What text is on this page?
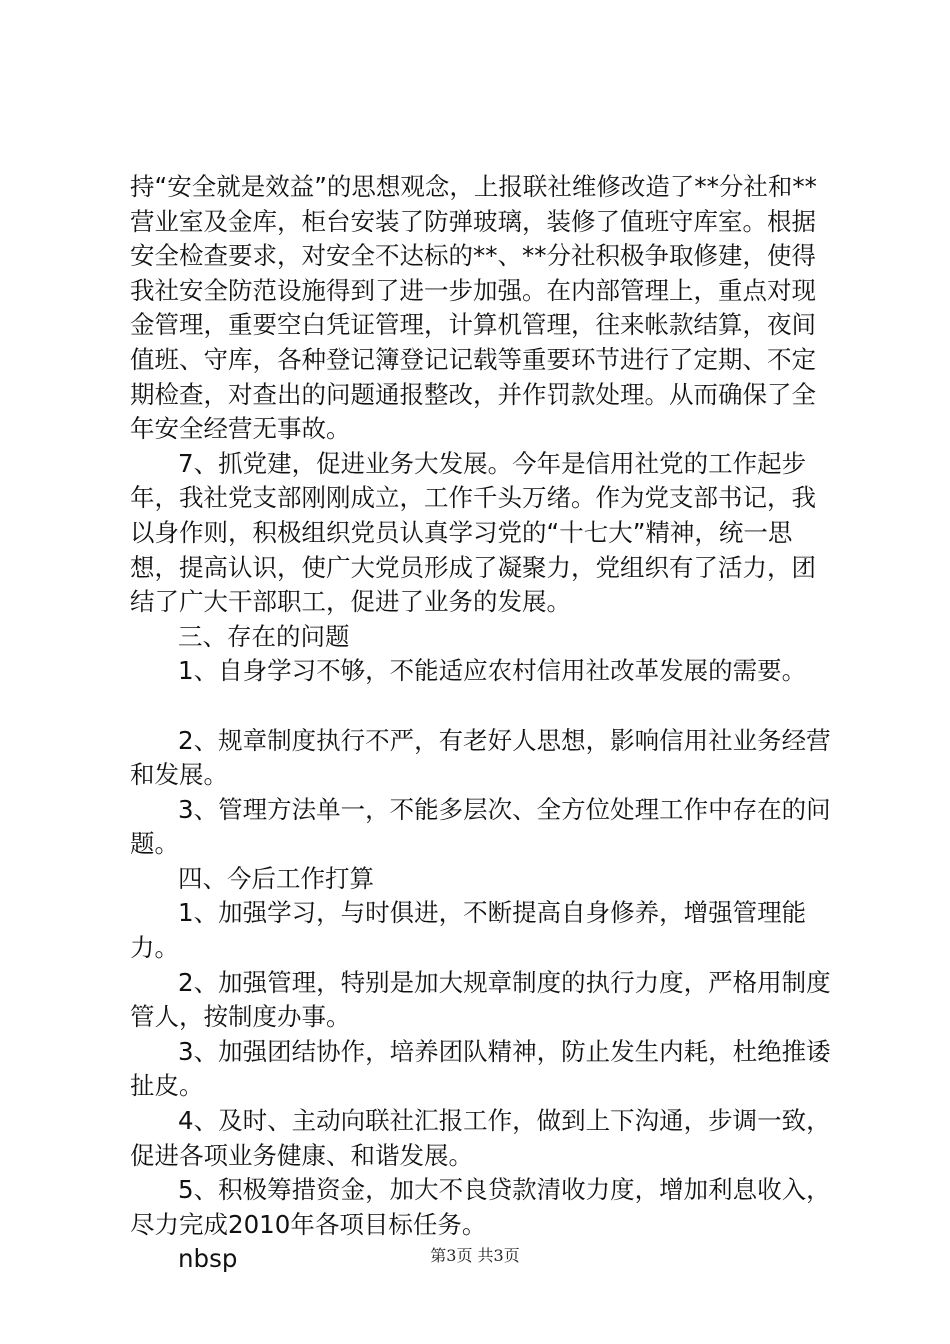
持“安全就是效益”的思想观念，上报联社维修改造了**分社和**营业室及金库，柜台安装了防弹玻璃，装修了值班守库室。根据安全检查要求，对安全不达标的**、**分社积极争取修建，使得我社安全防范设施得到了进一步加强。在内部管理上，重点对现金管理，重要空白凭证管理，计算机管理，往来帐款结算，夜间值班、守库，各种登记簿登记记载等重要环节进行了定期、不定期检查，对查出的问题通报整改，并作罚款处理。从而确保了全年安全经营无事故。

7、抓党建，促进业务大发展。今年是信用社党的工作起步年，我社党支部刚刚成立，工作千头万绪。作为党支部书记，我以身作则，积极组织党员认真学习党的“十七大”精神，统一思想，提高认识，使广大党员形成了凝聚力，党组织有了活力，团结了广大干部职工，促进了业务的发展。

三、存在的问题

1、自身学习不够，不能适应农村信用社改革发展的需要。

2、规章制度执行不严，有老好人思想，影响信用社业务经营和发展。

3、管理方法单一，不能多层次、全方位处理工作中存在的问题。

四、今后工作打算

1、加强学习，与时俱进，不断提高自身修养，增强管理能力。

2、加强管理，特别是加大规章制度的执行力度，严格用制度管人，按制度办事。

3、加强团结协作，培养团队精神，防止发生内耗，杜绝推诿扯皮。

4、及时、主动向联社汇报工作，做到上下沟通，步调一致，促进各项业务健康、和谐发展。

5、积极筹措资金，加大不良贷款清收力度，增加利息收入，尽力完成2010年各项目标任务。

nbsp	第3页 共3页
